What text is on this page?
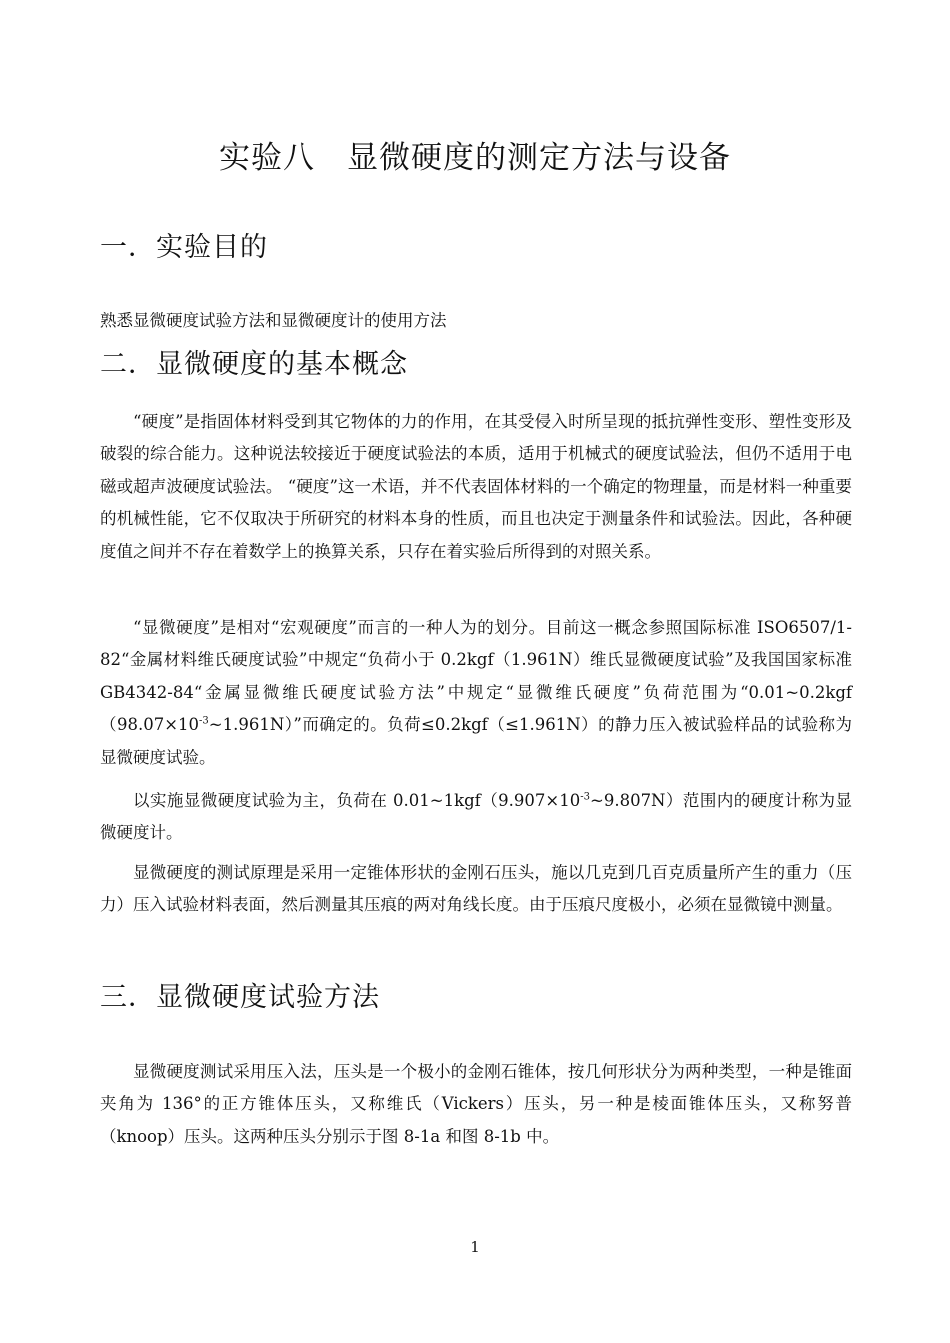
实验八　显微硬度的测定方法与设备
一．实验目的
熟悉显微硬度试验方法和显微硬度计的使用方法
二．显微硬度的基本概念

“硬度”是指固体材料受到其它物体的力的作用，在其受侵入时所呈现的抵抗弹性变形、塑性变形及破裂的综合能力。这种说法较接近于硬度试验法的本质，适用于机械式的硬度试验法，但仍不适用于电磁或超声波硬度试验法。 “硬度”这一术语，并不代表固体材料的一个确定的物理量，而是材料一种重要的机械性能，它不仅取决于所研究的材料本身的性质，而且也决定于测量条件和试验法。因此，各种硬度值之间并不存在着数学上的换算关系，只存在着实验后所得到的对照关系。

“显微硬度”是相对“宏观硬度”而言的一种人为的划分。目前这一概念参照国际标准 ISO6507/1-82“金属材料维氏硬度试验”中规定“负荷小于 0.2kgf（1.961N）维氏显微硬度试验”及我国国家标准 GB4342-84“金属显微维氏硬度试验方法”中规定“显微维氏硬度”负荷范围为“$0.01\sim 0.2kgf(98.07\times 10^{-3}\sim 1.961N)$”而确定的。负荷≤0.2kgf（≤1.961N）的静力压入被试验样品的试验称为显微硬度试验。

以实施显微硬度试验为主，负荷在 $0.01\sim 1kgf(9.907\times 10^{-3}\sim 9.807N)$范围内的硬度计称为显微硬度计。

显微硬度的测试原理是采用一定锥体形状的金刚石压头，施以几克到几百克质量所产生的重力（压力）压入试验材料表面，然后测量其压痕的两对角线长度。由于压痕尺度极小，必须在显微镜中测量。

三．显微硬度试验方法

显微硬度测试采用压入法，压头是一个极小的金刚石锥体，按几何形状分为两种类型，一种是锥面夹角为 136°的正方锥体压头，又称维氏（Vickers）压头，另一种是棱面锥体压头，又称努普（knoop）压头。这两种压头分别示于图 8-1a 和图 8-1b 中。

1
